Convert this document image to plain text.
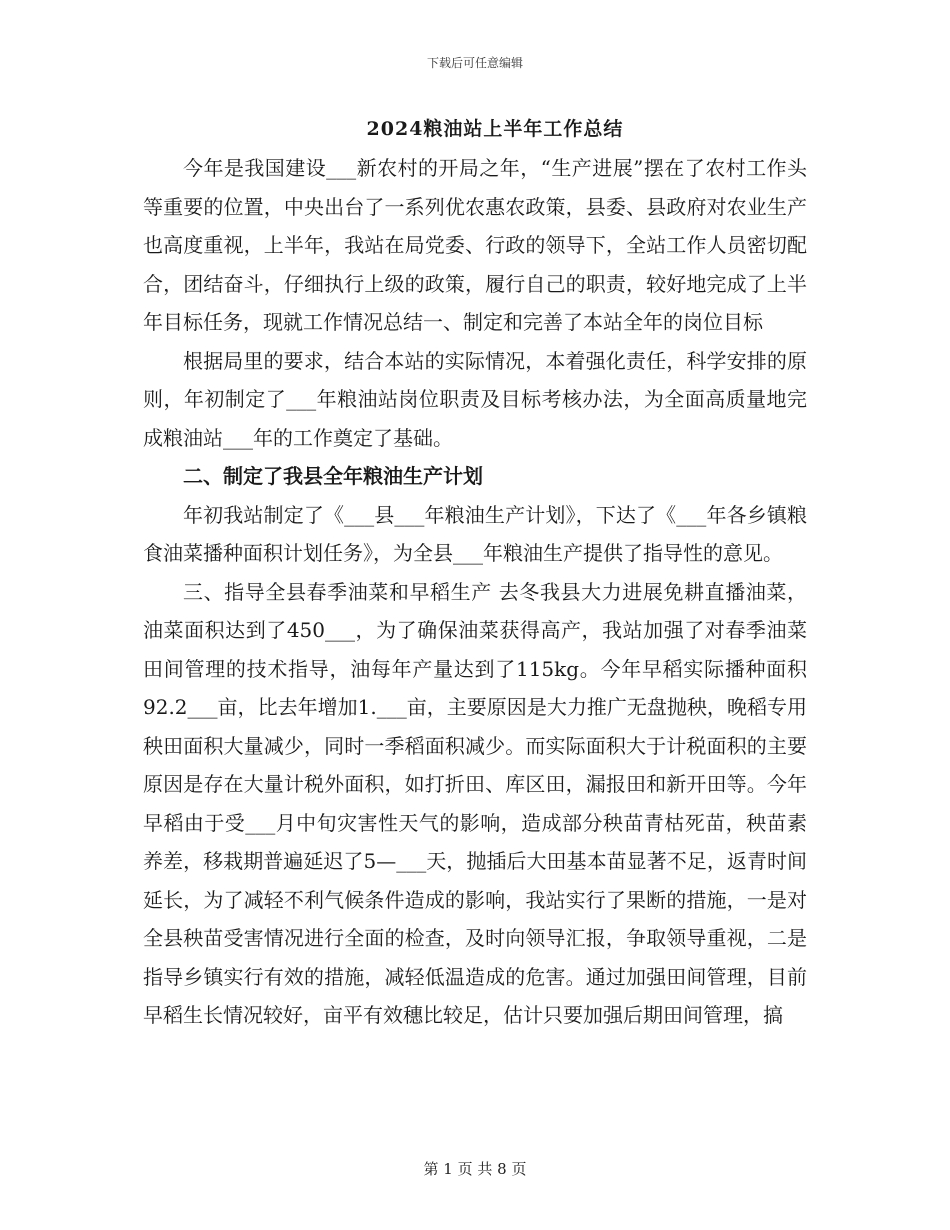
下载后可任意编辑
2024粮油站上半年工作总结

今年是我国建设___新农村的开局之年，“生产进展”摆在了农村工作头等重要的位置，中央出台了一系列优农惠农政策，县委、县政府对农业生产也高度重视，上半年，我站在局党委、行政的领导下，全站工作人员密切配合，团结奋斗，仔细执行上级的政策，履行自己的职责，较好地完成了上半年目标任务，现就工作情况总结一、制定和完善了本站全年的岗位目标

根据局里的要求，结合本站的实际情况，本着强化责任，科学安排的原则，年初制定了___年粮油站岗位职责及目标考核办法，为全面高质量地完成粮油站___年的工作奠定了基础。

二、制定了我县全年粮油生产计划

年初我站制定了《___县___年粮油生产计划》，下达了《___年各乡镇粮食油菜播种面积计划任务》，为全县___年粮油生产提供了指导性的意见。

三、指导全县春季油菜和早稻生产 去冬我县大力进展免耕直播油菜，油菜面积达到了450___，为了确保油菜获得高产，我站加强了对春季油菜田间管理的技术指导，油每年产量达到了115kg。今年早稻实际播种面积92.2___亩，比去年增加1.___亩，主要原因是大力推广无盘抛秧，晚稻专用秧田面积大量减少，同时一季稻面积减少。而实际面积大于计税面积的主要原因是存在大量计税外面积，如打折田、库区田，漏报田和新开田等。今年早稻由于受___月中旬灾害性天气的影响，造成部分秧苗青枯死苗，秧苗素养差，移栽期普遍延迟了5—___天，抛插后大田基本苗显著不足，返青时间延长，为了减轻不利气候条件造成的影响，我站实行了果断的措施，一是对全县秧苗受害情况进行全面的检查，及时向领导汇报，争取领导重视，二是指导乡镇实行有效的措施，减轻低温造成的危害。通过加强田间管理，目前早稻生长情况较好，亩平有效穗比较足，估计只要加强后期田间管理，搞

第 1 页 共 8 页
